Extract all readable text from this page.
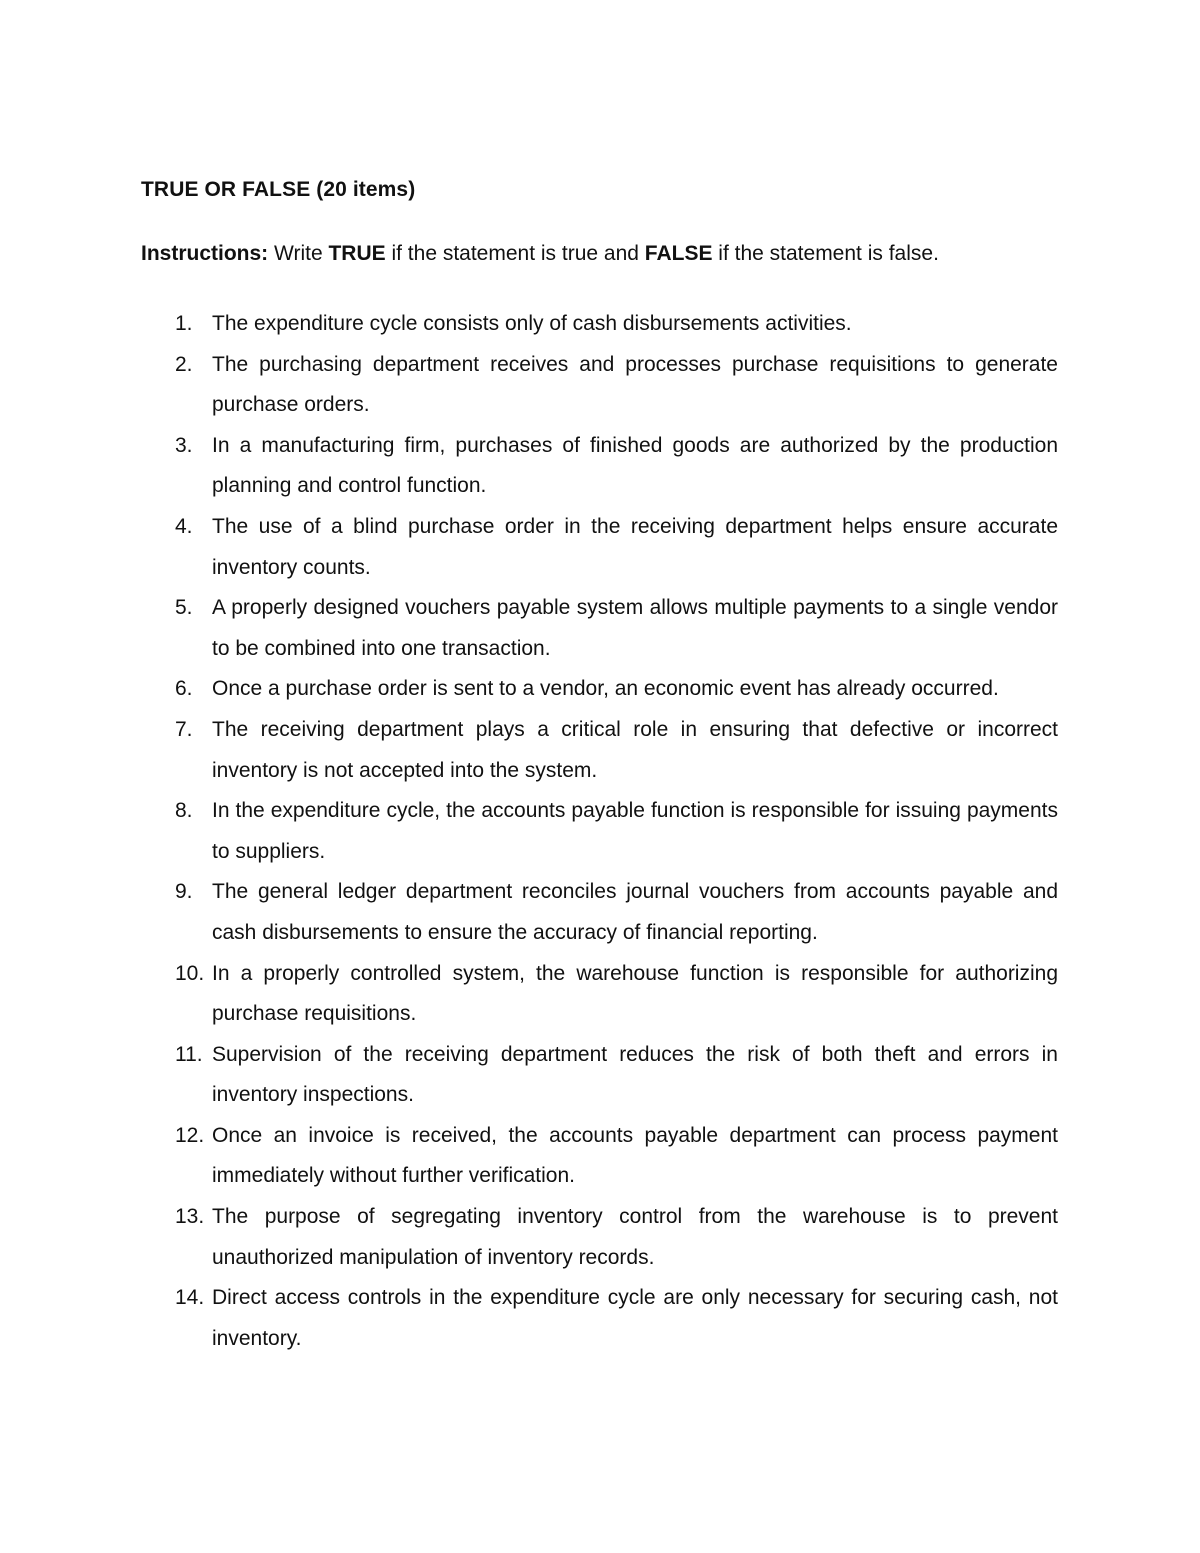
TRUE OR FALSE (20 items)
Instructions: Write TRUE if the statement is true and FALSE if the statement is false.
1. The expenditure cycle consists only of cash disbursements activities.
2. The purchasing department receives and processes purchase requisitions to generate purchase orders.
3. In a manufacturing firm, purchases of finished goods are authorized by the production planning and control function.
4. The use of a blind purchase order in the receiving department helps ensure accurate inventory counts.
5. A properly designed vouchers payable system allows multiple payments to a single vendor to be combined into one transaction.
6. Once a purchase order is sent to a vendor, an economic event has already occurred.
7. The receiving department plays a critical role in ensuring that defective or incorrect inventory is not accepted into the system.
8. In the expenditure cycle, the accounts payable function is responsible for issuing payments to suppliers.
9. The general ledger department reconciles journal vouchers from accounts payable and cash disbursements to ensure the accuracy of financial reporting.
10. In a properly controlled system, the warehouse function is responsible for authorizing purchase requisitions.
11. Supervision of the receiving department reduces the risk of both theft and errors in inventory inspections.
12. Once an invoice is received, the accounts payable department can process payment immediately without further verification.
13. The purpose of segregating inventory control from the warehouse is to prevent unauthorized manipulation of inventory records.
14. Direct access controls in the expenditure cycle are only necessary for securing cash, not inventory.
